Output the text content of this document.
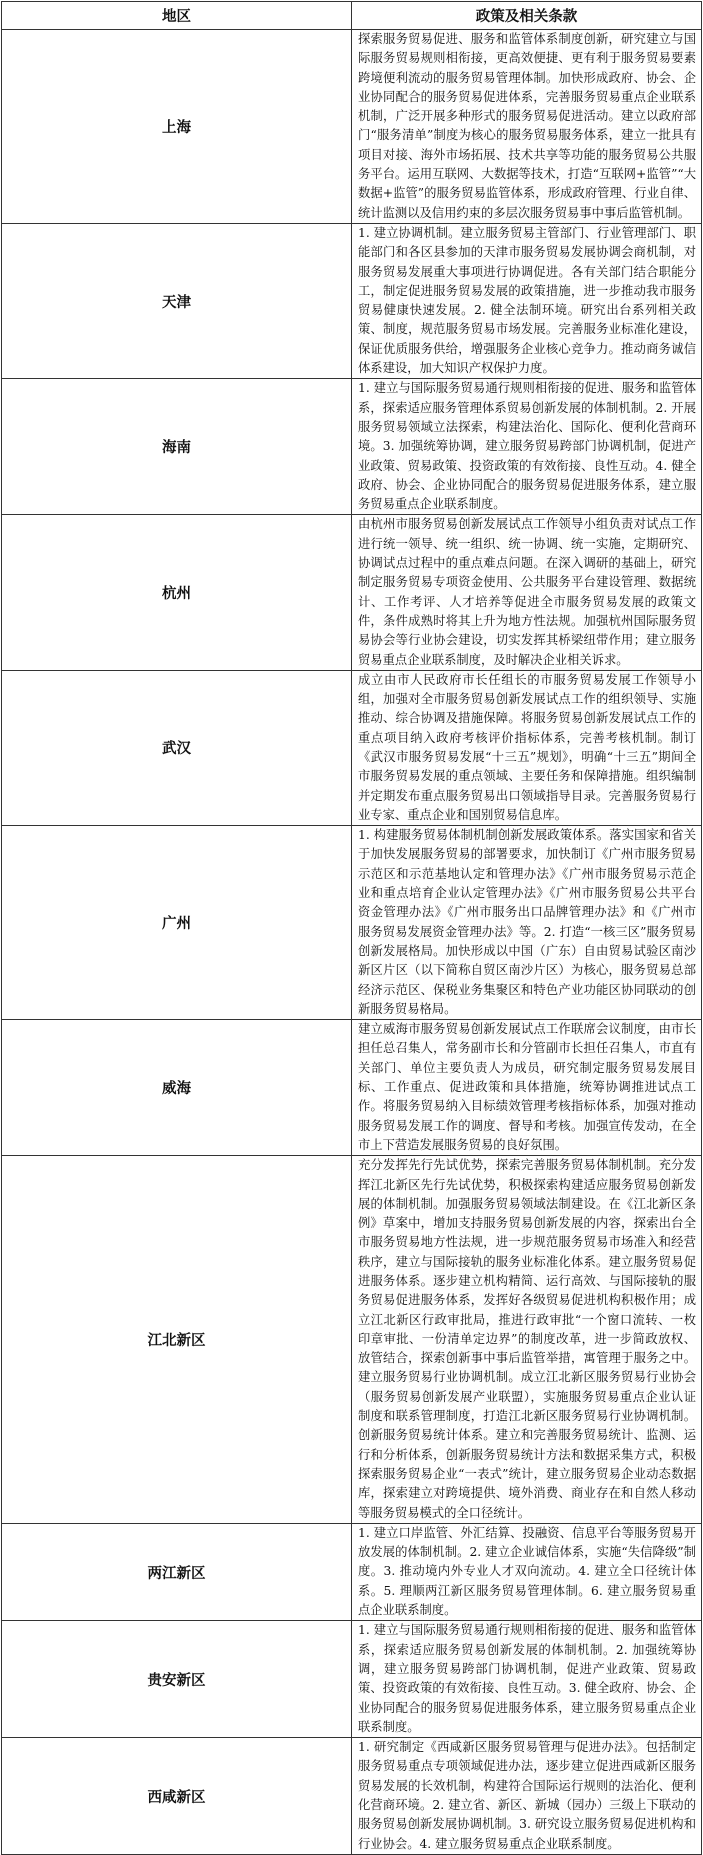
地区	政策及相关条款
上海	探索服务贸易促进、服务和监管体系制度创新，研究建立与国际服务贸易规则相衔接，更高效便捷、更有利于服务贸易要素跨境便利流动的服务贸易管理体制。加快形成政府、协会、企业协同配合的服务贸易促进体系，完善服务贸易重点企业联系机制，广泛开展多种形式的服务贸易促进活动。建立以政府部门“服务清单”制度为核心的服务贸易服务体系，建立一批具有项目对接、海外市场拓展、技术共享等功能的服务贸易公共服务平台。运用互联网、大数据等技术，打造“互联网+监管”“大数据+监管”的服务贸易监管体系，形成政府管理、行业自律、统计监测以及信用约束的多层次服务贸易事中事后监管机制。
天津	1. 建立协调机制。建立服务贸易主管部门、行业管理部门、职能部门和各区县参加的天津市服务贸易发展协调会商机制，对服务贸易发展重大事项进行协调促进。各有关部门结合职能分工，制定促进服务贸易发展的政策措施，进一步推动我市服务贸易健康快速发展。2. 健全法制环境。研究出台系列相关政策、制度，规范服务贸易市场发展。完善服务业标准化建设，保证优质服务供给，增强服务企业核心竞争力。推动商务诚信体系建设，加大知识产权保护力度。
海南	1. 建立与国际服务贸易通行规则相衔接的促进、服务和监管体系，探索适应服务管理体系贸易创新发展的体制机制。2. 开展服务贸易领域立法探索，构建法治化、国际化、便利化营商环境。3. 加强统筹协调，建立服务贸易跨部门协调机制，促进产业政策、贸易政策、投资政策的有效衔接、良性互动。4. 健全政府、协会、企业协同配合的服务贸易促进服务体系，建立服务贸易重点企业联系制度。
杭州	由杭州市服务贸易创新发展试点工作领导小组负责对试点工作进行统一领导、统一组织、统一协调、统一实施，定期研究、协调试点过程中的重点难点问题。在深入调研的基础上，研究制定服务贸易专项资金使用、公共服务平台建设管理、数据统计、工作考评、人才培养等促进全市服务贸易发展的政策文件，条件成熟时将其上升为地方性法规。加强杭州国际服务贸易协会等行业协会建设，切实发挥其桥梁纽带作用；建立服务贸易重点企业联系制度，及时解决企业相关诉求。
武汉	成立由市人民政府市长任组长的市服务贸易发展工作领导小组，加强对全市服务贸易创新发展试点工作的组织领导、实施推动、综合协调及措施保障。将服务贸易创新发展试点工作的重点项目纳入政府考核评价指标体系，完善考核机制。制订《武汉市服务贸易发展“十三五”规划》，明确“十三五”期间全市服务贸易发展的重点领域、主要任务和保障措施。组织编制并定期发布重点服务贸易出口领域指导目录。完善服务贸易行业专家、重点企业和国别贸易信息库。
广州	1. 构建服务贸易体制机制创新发展政策体系。落实国家和省关于加快发展服务贸易的部署要求，加快制订《广州市服务贸易示范区和示范基地认定和管理办法》《广州市服务贸易示范企业和重点培育企业认定管理办法》《广州市服务贸易公共平台资金管理办法》《广州市服务出口品牌管理办法》和《广州市服务贸易发展资金管理办法》等。2. 打造“一核三区”服务贸易创新发展格局。加快形成以中国（广东）自由贸易试验区南沙新区片区（以下简称自贸区南沙片区）为核心，服务贸易总部经济示范区、保税业务集聚区和特色产业功能区协同联动的创新服务贸易格局。
威海	建立威海市服务贸易创新发展试点工作联席会议制度，由市长担任总召集人，常务副市长和分管副市长担任召集人，市直有关部门、单位主要负责人为成员，研究制定服务贸易发展目标、工作重点、促进政策和具体措施，统筹协调推进试点工作。将服务贸易纳入目标绩效管理考核指标体系，加强对推动服务贸易发展工作的调度、督导和考核。加强宣传发动，在全市上下营造发展服务贸易的良好氛围。
江北新区	充分发挥先行先试优势，探索完善服务贸易体制机制。充分发挥江北新区先行先试优势，积极探索构建适应服务贸易创新发展的体制机制。加强服务贸易领域法制建设。在《江北新区条例》草案中，增加支持服务贸易创新发展的内容，探索出台全市服务贸易地方性法规，进一步规范服务贸易市场准入和经营秩序，建立与国际接轨的服务业标准化体系。建立服务贸易促进服务体系。逐步建立机构精简、运行高效、与国际接轨的服务贸易促进服务体系，发挥好各级贸易促进机构积极作用；成立江北新区行政审批局，推进行政审批“一个窗口流转、一枚印章审批、一份清单定边界”的制度改革，进一步简政放权、放管结合，探索创新事中事后监管举措，寓管理于服务之中。建立服务贸易行业协调机制。成立江北新区服务贸易行业协会（服务贸易创新发展产业联盟），实施服务贸易重点企业认证制度和联系管理制度，打造江北新区服务贸易行业协调机制。创新服务贸易统计体系。建立和完善服务贸易统计、监测、运行和分析体系，创新服务贸易统计方法和数据采集方式，积极探索服务贸易企业“一表式”统计，建立服务贸易企业动态数据库，探索建立对跨境提供、境外消费、商业存在和自然人移动等服务贸易模式的全口径统计。
两江新区	1. 建立口岸监管、外汇结算、投融资、信息平台等服务贸易开放发展的体制机制。2. 建立企业诚信体系，实施“失信降级”制度。3. 推动境内外专业人才双向流动。4. 建立全口径统计体系。5. 理顺两江新区服务贸易管理体制。6. 建立服务贸易重点企业联系制度。
贵安新区	1. 建立与国际服务贸易通行规则相衔接的促进、服务和监管体系，探索适应服务贸易创新发展的体制机制。2. 加强统筹协调，建立服务贸易跨部门协调机制，促进产业政策、贸易政策、投资政策的有效衔接、良性互动。3. 健全政府、协会、企业协同配合的服务贸易促进服务体系，建立服务贸易重点企业联系制度。
西咸新区	1. 研究制定《西咸新区服务贸易管理与促进办法》。包括制定服务贸易重点专项领域促进办法，逐步建立促进西咸新区服务贸易发展的长效机制，构建符合国际运行规则的法治化、便利化营商环境。2. 建立省、新区、新城（园办）三级上下联动的服务贸易创新发展协调机制。3. 研究设立服务贸易促进机构和行业协会。4. 建立服务贸易重点企业联系制度。
